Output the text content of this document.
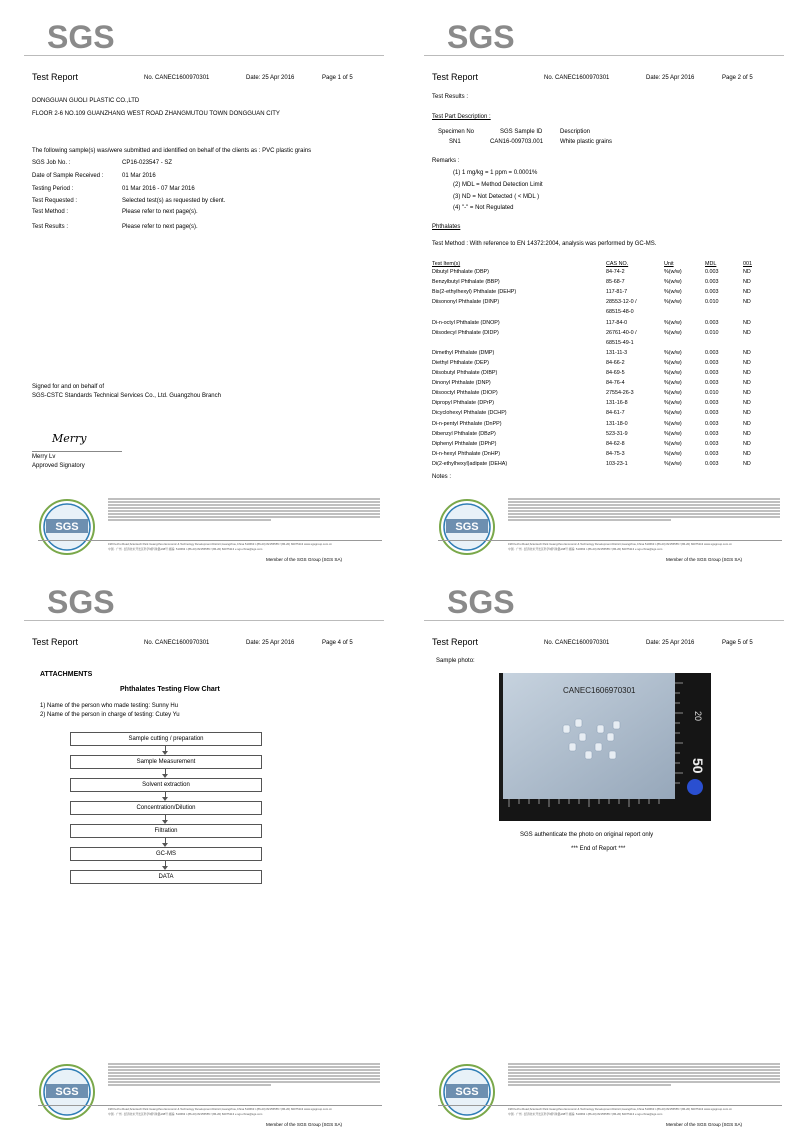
SGS
Test Report	No. CANEC1600970301	Date: 25 Apr 2016	Page 1 of 5
DONGGUAN GUOLI PLASTIC CO.,LTD
FLOOR 2-6 NO.109 GUANZHANG WEST ROAD ZHANGMUTOU TOWN DONGGUAN CITY
The following sample(s) was/were submitted and identified on behalf of the clients as : PVC plastic grains
SGS Job No. :	CP16-023547 - SZ
Date of Sample Received :	01 Mar 2016
Testing Period :	01 Mar 2016 - 07 Mar 2016
Test Requested :	Selected test(s) as requested by client.
Test Method :	Please refer to next page(s).
Test Results :	Please refer to next page(s).
Signed for and on behalf of
SGS-CSTC Standards Technical Services Co., Ltd. Guangzhou Branch
Merry
Merry Lv
Approved Signatory
SGS
198 Kezhu Road,Scientech Park Guangzhou Economic & Technology Development District,Guangzhou,China 510663 t (86-20) 82155555 f (86-20) 82075113 www.sgsgroup.com.cn
中国 · 广州 · 经济技术开发区科学城科珠路198号 邮编: 510663 t (86-20) 82155555 f (86-20) 82075113 e sgs.china@sgs.com
Member of the SGS Group (SGS SA)
SGS
Test Report	No. CANEC1600970301	Date: 25 Apr 2016	Page 2 of 5
Test Results :
Test Part Description :
Specimen No	SGS Sample ID	Description
SN1	CAN16-009703.001	White plastic grains
Remarks :
(1) 1 mg/kg = 1 ppm = 0.0001%
(2) MDL = Method Detection Limit
(3) ND = Not Detected ( < MDL )
(4) "-" = Not Regulated
Phthalates
Test Method : With reference to EN 14372:2004, analysis was performed by GC-MS.
Test Item(s)	CAS NO.	Unit	MDL	001
Dibutyl Phthalate (DBP)	84-74-2	%(w/w)	0.003	ND
Benzylbutyl Phthalate (BBP)	85-68-7	%(w/w)	0.003	ND
Bis(2-ethylhexyl) Phthalate (DEHP)	117-81-7	%(w/w)	0.003	ND
Diisononyl Phthalate (DINP)	28553-12-0 /	%(w/w)	0.010	ND
68515-48-0
Di-n-octyl Phthalate (DNOP)	117-84-0	%(w/w)	0.003	ND
Diisodecyl Phthalate (DIDP)	26761-40-0 /	%(w/w)	0.010	ND
68515-49-1
Dimethyl Phthalate (DMP)	131-11-3	%(w/w)	0.003	ND
Diethyl Phthalate (DEP)	84-66-2	%(w/w)	0.003	ND
Diisobutyl Phthalate (DIBP)	84-69-5	%(w/w)	0.003	ND
Dinonyl Phthalate (DNP)	84-76-4	%(w/w)	0.003	ND
Diisooctyl Phthalate (DIOP)	27554-26-3	%(w/w)	0.010	ND
Dipropyl Phthalate (DPrP)	131-16-8	%(w/w)	0.003	ND
Dicyclohexyl Phthalate (DCHP)	84-61-7	%(w/w)	0.003	ND
Di-n-pentyl Phthalate (DnPP)	131-18-0	%(w/w)	0.003	ND
Dibenzyl Phthalate (DBzP)	523-31-9	%(w/w)	0.003	ND
Diphenyl Phthalate (DPhP)	84-62-8	%(w/w)	0.003	ND
Di-n-hexyl Phthalate (DnHP)	84-75-3	%(w/w)	0.003	ND
Di(2-ethylhexyl)adipate (DEHA)	103-23-1	%(w/w)	0.003	ND
Notes :
SGS
198 Kezhu Road,Scientech Park Guangzhou Economic & Technology Development District,Guangzhou,China 510663 t (86-20) 82155555 f (86-20) 82075113 www.sgsgroup.com.cn
中国 · 广州 · 经济技术开发区科学城科珠路198号 邮编: 510663 t (86-20) 82155555 f (86-20) 82075113 e sgs.china@sgs.com
Member of the SGS Group (SGS SA)
SGS
Test Report	No. CANEC1600970301	Date: 25 Apr 2016	Page 4 of 5
ATTACHMENTS
Phthalates Testing Flow Chart
1) Name of the person who made testing: Sunny Hu
2) Name of the person in charge of testing: Cutey Yu
Sample cutting / preparation
Sample Measurement
Solvent extraction
Concentration/Dilution
Filtration
GC-MS
DATA
SGS
198 Kezhu Road,Scientech Park Guangzhou Economic & Technology Development District,Guangzhou,China 510663 t (86-20) 82155555 f (86-20) 82075113 www.sgsgroup.com.cn
中国 · 广州 · 经济技术开发区科学城科珠路198号 邮编: 510663 t (86-20) 82155555 f (86-20) 82075113 e sgs.china@sgs.com
Member of the SGS Group (SGS SA)
SGS
Test Report	No. CANEC1600970301	Date: 25 Apr 2016	Page 5 of 5
Sample photo:
20
50
CANEC1606970301
SGS authenticate the photo on original report only
*** End of Report ***
SGS
198 Kezhu Road,Scientech Park Guangzhou Economic & Technology Development District,Guangzhou,China 510663 t (86-20) 82155555 f (86-20) 82075113 www.sgsgroup.com.cn
中国 · 广州 · 经济技术开发区科学城科珠路198号 邮编: 510663 t (86-20) 82155555 f (86-20) 82075113 e sgs.china@sgs.com
Member of the SGS Group (SGS SA)
